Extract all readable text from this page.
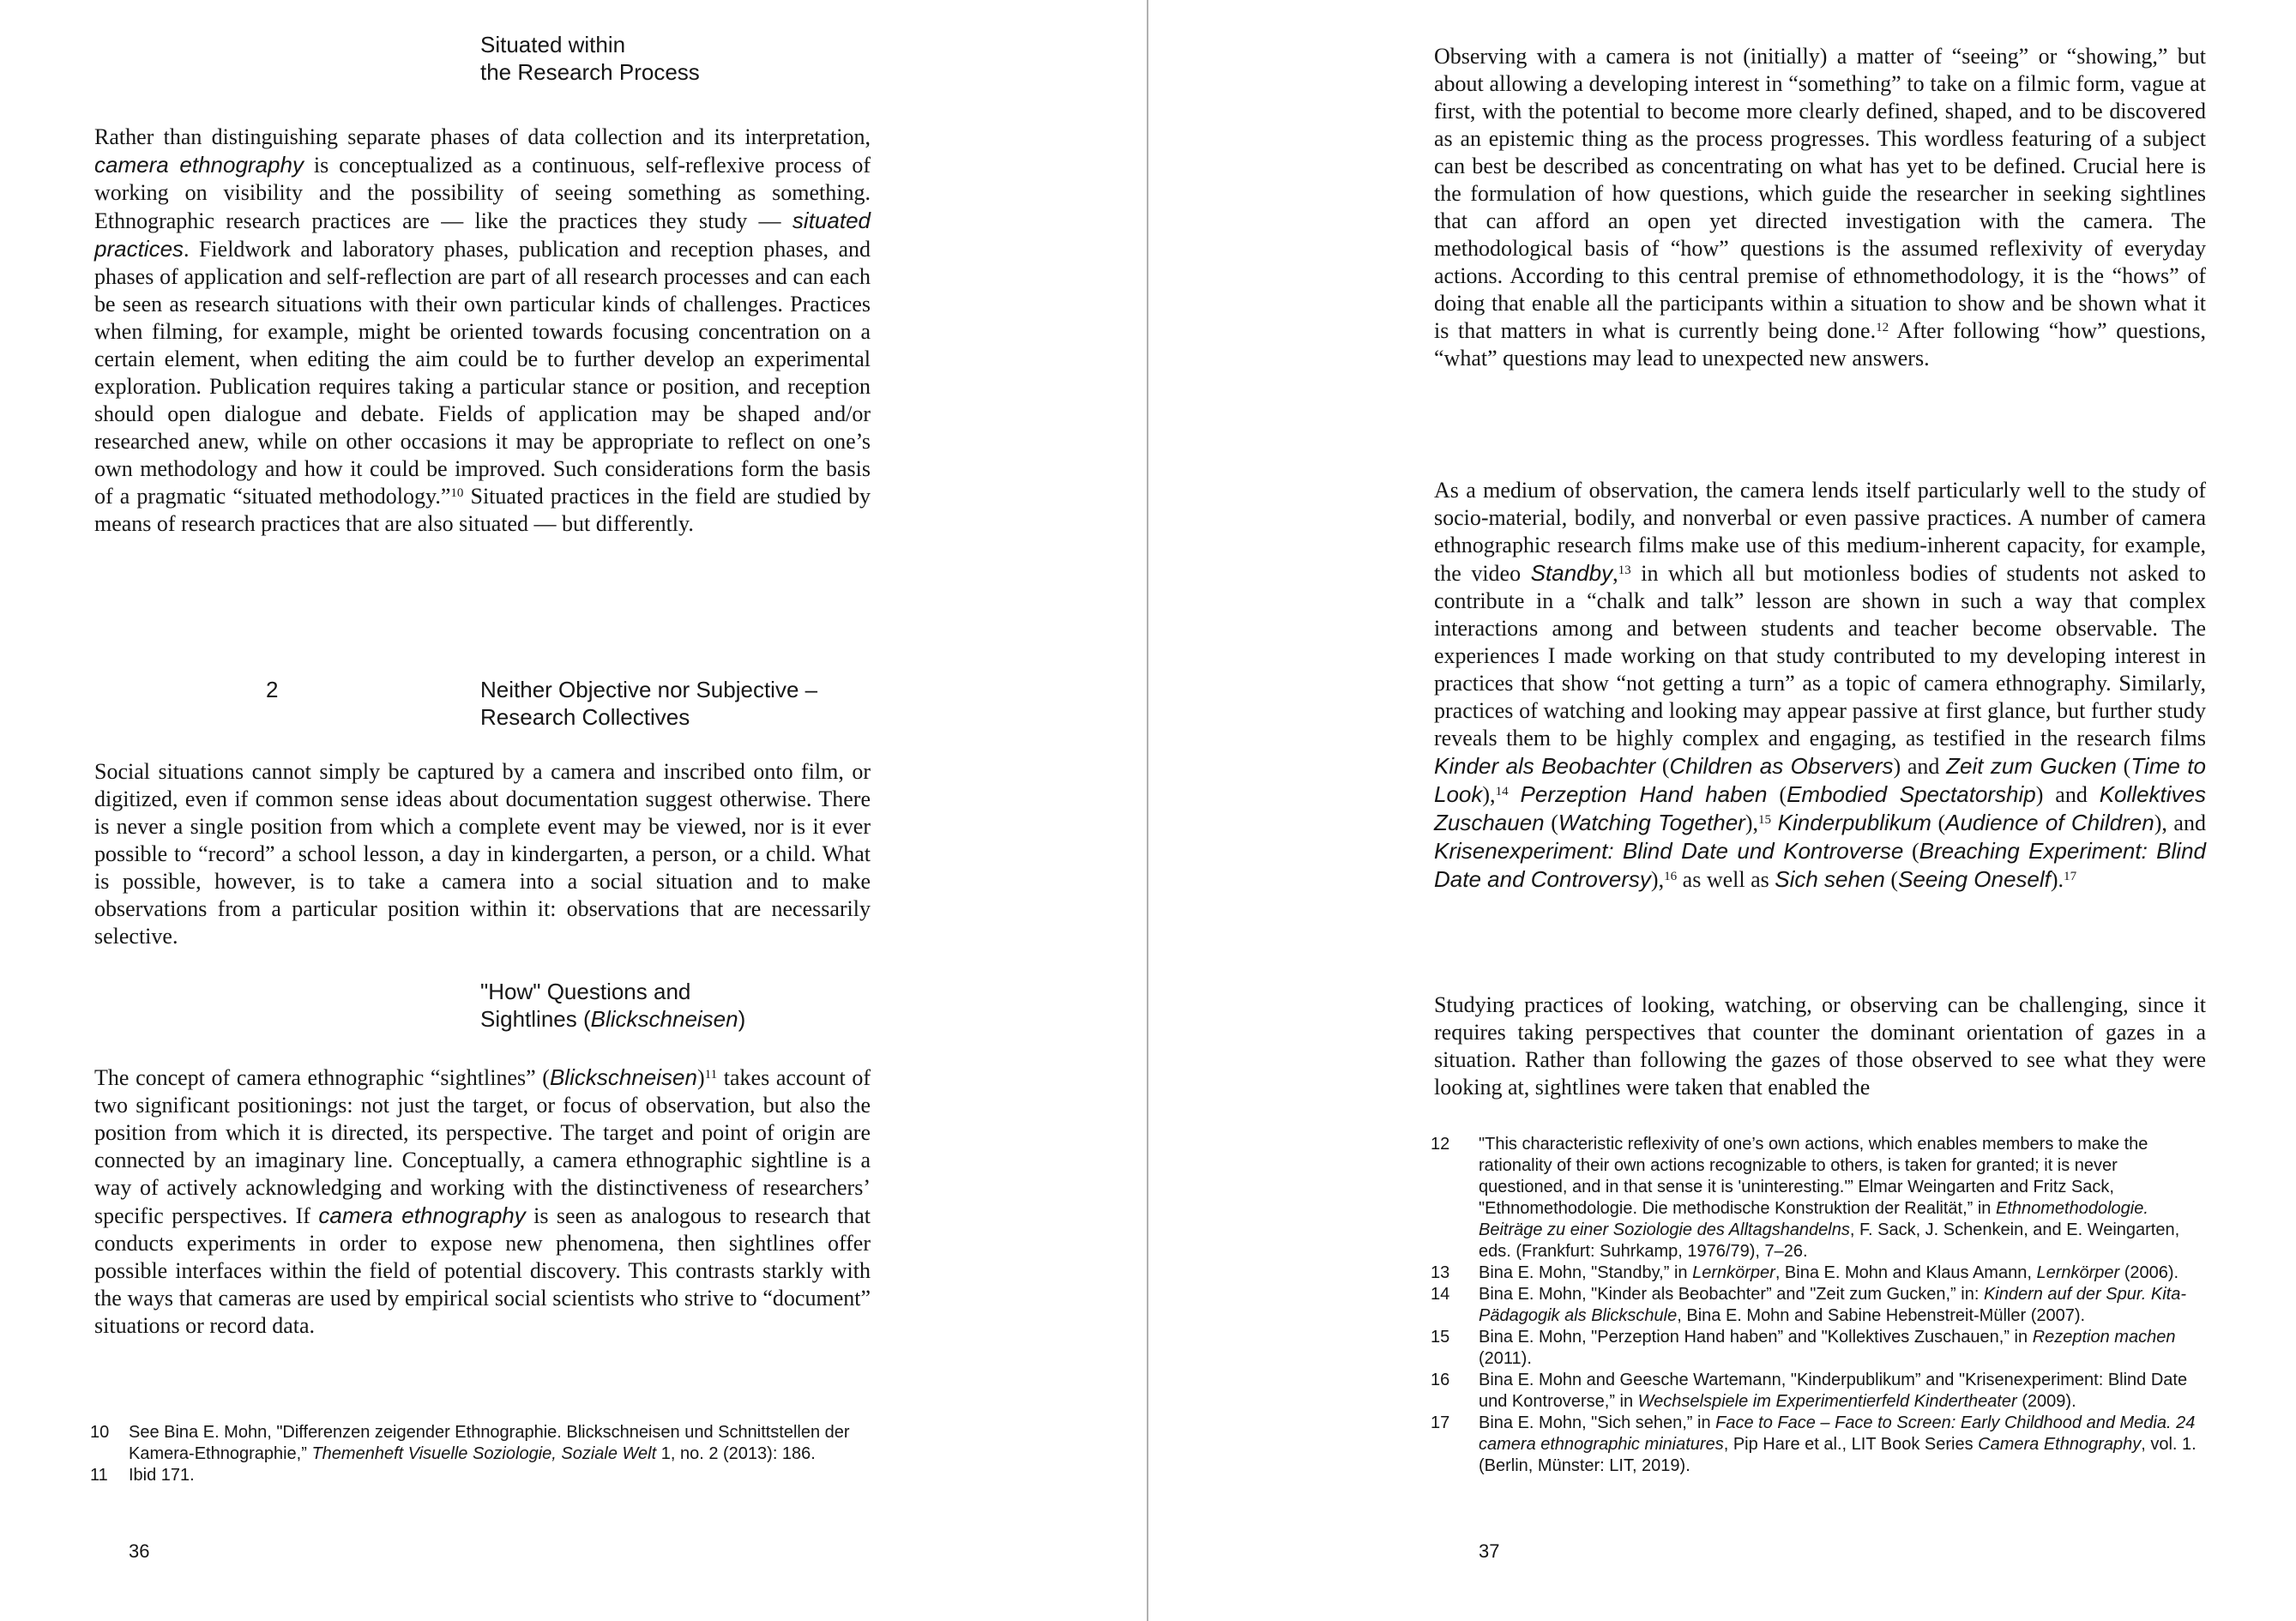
Situated within
the Research Process

Rather than distinguishing separate phases of data collection and its interpretation, camera ethnography is conceptualized as a continuous, self-reflexive process of working on visibility and the possibility of seeing something as something. Ethnographic research practices are — like the practices they study — situated practices. Fieldwork and laboratory phases, publication and reception phases, and phases of application and self-reflection are part of all research processes and can each be seen as research situations with their own particular kinds of challenges. Practices when filming, for example, might be oriented towards focusing concentration on a certain element, when editing the aim could be to further develop an experimental exploration. Publication requires taking a particular stance or position, and reception should open dialogue and debate. Fields of application may be shaped and/or researched anew, while on other occasions it may be appropriate to reflect on one’s own methodology and how it could be improved. Such considerations form the basis of a pragmatic “situated methodology.”$^{10}$ Situated practices in the field are studied by means of research practices that are also situated — but differently.

2	Neither Objective nor Subjective –
Research Collectives

Social situations cannot simply be captured by a camera and inscribed onto film, or digitized, even if common sense ideas about documentation suggest otherwise. There is never a single position from which a complete event may be viewed, nor is it ever possible to “record” a school lesson, a day in kindergarten, a person, or a child. What is possible, however, is to take a camera into a social situation and to make observations from a particular position within it: observations that are necessarily selective.

"How" Questions and
Sightlines (Blickschneisen)

The concept of camera ethnographic “sightlines” (Blickschneisen)$^{11}$ takes account of two significant positionings: not just the target, or focus of observation, but also the position from which it is directed, its perspective. The target and point of origin are connected by an imaginary line. Conceptually, a camera ethnographic sightline is a way of actively acknowledging and working with the distinctiveness of researchers’ specific perspectives. If camera ethnography is seen as analogous to research that conducts experiments in order to expose new phenomena, then sightlines offer possible interfaces within the field of potential discovery. This contrasts starkly with the ways that cameras are used by empirical social scientists who strive to “document” situations or record data.

10 See Bina E. Mohn, "Differenzen zeigender Ethnographie. Blickschneisen und Schnittstellen der Kamera-Ethnographie,” Themenheft Visuelle Soziologie, Soziale Welt 1, no. 2 (2013): 186.
11 Ibid 171.
36

Observing with a camera is not (initially) a matter of “seeing” or “showing,” but about allowing a developing interest in “something” to take on a filmic form, vague at first, with the potential to become more clearly defined, shaped, and to be discovered as an epistemic thing as the process progresses. This wordless featuring of a subject can best be described as concentrating on what has yet to be defined. Crucial here is the formulation of how questions, which guide the researcher in seeking sightlines that can afford an open yet directed investigation with the camera. The methodological basis of “how” questions is the assumed reflexivity of everyday actions. According to this central premise of ethnomethodology, it is the “hows” of doing that enable all the participants within a situation to show and be shown what it is that matters in what is currently being done.$^{12}$ After following “how” questions, “what” questions may lead to unexpected new answers.

As a medium of observation, the camera lends itself particularly well to the study of socio-material, bodily, and nonverbal or even passive practices. A number of camera ethnographic research films make use of this medium-inherent capacity, for example, the video Standby,$^{13}$ in which all but motionless bodies of students not asked to contribute in a “chalk and talk” lesson are shown in such a way that complex interactions among and between students and teacher become observable. The experiences I made working on that study contributed to my developing interest in practices that show “not getting a turn” as a topic of camera ethnography. Similarly, practices of watching and looking may appear passive at first glance, but further study reveals them to be highly complex and engaging, as testified in the research films Kinder als Beobachter (Children as Observers) and Zeit zum Gucken (Time to Look),$^{14}$ Perzeption Hand haben (Embodied Spectatorship) and Kollektives Zuschauen (Watching Together),$^{15}$ Kinderpublikum (Audience of Children), and Krisenexperiment: Blind Date und Kontroverse (Breaching Experiment: Blind Date and Controversy),$^{16}$ as well as Sich sehen (Seeing Oneself).$^{17}$

Studying practices of looking, watching, or observing can be challenging, since it requires taking perspectives that counter the dominant orientation of gazes in a situation. Rather than following the gazes of those observed to see what they were looking at, sightlines were taken that enabled the

12 "This characteristic reflexivity of one’s own actions, which enables members to make the rationality of their own actions recognizable to others, is taken for granted; it is never questioned, and in that sense it is 'uninteresting.'” Elmar Weingarten and Fritz Sack, "Ethnomethodologie. Die methodische Konstruktion der Realität,” in Ethnomethodologie. Beiträge zu einer Soziologie des Alltagshandelns, F. Sack, J. Schenkein, and E. Weingarten, eds. (Frankfurt: Suhrkamp, 1976/79), 7–26.
13 Bina E. Mohn, "Standby,” in Lernkörper, Bina E. Mohn and Klaus Amann, Lernkörper (2006).
14 Bina E. Mohn, "Kinder als Beobachter” and "Zeit zum Gucken,” in: Kindern auf der Spur. Kita-Pädagogik als Blickschule, Bina E. Mohn and Sabine Hebenstreit-Müller (2007).
15 Bina E. Mohn, "Perzeption Hand haben” and "Kollektives Zuschauen,” in Rezeption machen (2011).
16 Bina E. Mohn and Geesche Wartemann, "Kinderpublikum” and "Krisenexperiment: Blind Date und Kontroverse,” in Wechselspiele im Experimentierfeld Kindertheater (2009).
17 Bina E. Mohn, "Sich sehen,” in Face to Face – Face to Screen: Early Childhood and Media. 24 camera ethnographic miniatures, Pip Hare et al., LIT Book Series Camera Ethnography, vol. 1. (Berlin, Münster: LIT, 2019).
37
